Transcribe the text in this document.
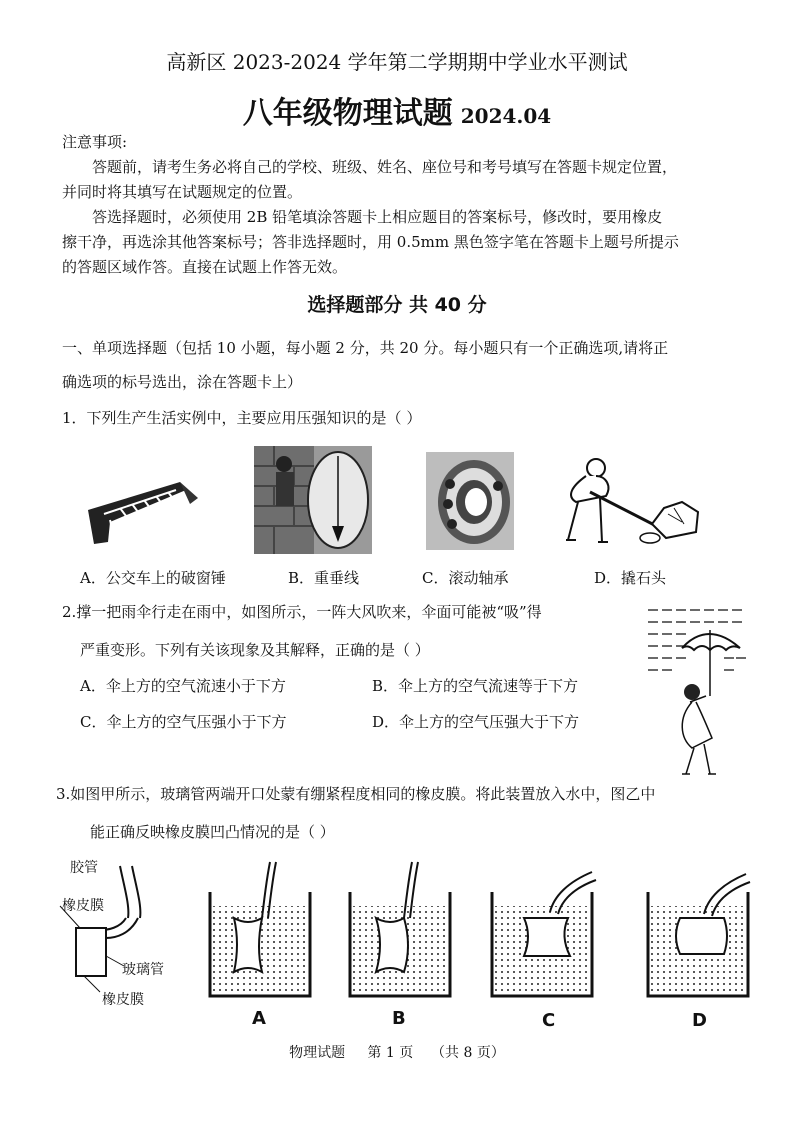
高新区 2023-2024 学年第二学期期中学业水平测试
八年级物理试题 2024.04
注意事项:
答题前，请考生务必将自己的学校、班级、姓名、座位号和考号填写在答题卡规定位置，
并同时将其填写在试题规定的位置。
答选择题时，必须使用 2B 铅笔填涂答题卡上相应题目的答案标号，修改时，要用橡皮
擦干净，再选涂其他答案标号；答非选择题时，用 0.5mm 黑色签字笔在答题卡上题号所提示
的答题区域作答。直接在试题上作答无效。
选择题部分 共 40 分
一、单项选择题（包括 10 小题，每小题 2 分，共 20 分。每小题只有一个正确选项,请将正
确选项的标号选出，涂在答题卡上）
1．下列生产生活实例中，主要应用压强知识的是（ ）
A．公交车上的破窗锤	B．重垂线	C．滚动轴承	D．撬石头
2.撑一把雨伞行走在雨中，如图所示，一阵大风吹来，伞面可能被“吸”得
严重变形。下列有关该现象及其解释，正确的是（ ）
A．伞上方的空气流速小于下方	B．伞上方的空气流速等于下方
C．伞上方的空气压强小于下方	D．伞上方的空气压强大于下方
3.如图甲所示，玻璃管两端开口处蒙有绷紧程度相同的橡皮膜。将此装置放入水中，图乙中
能正确反映橡皮膜凹凸情况的是（ ）
胶管
橡皮膜
玻璃管
橡皮膜
A	B	C	D
物理试题 第 1 页 （共 8 页）
